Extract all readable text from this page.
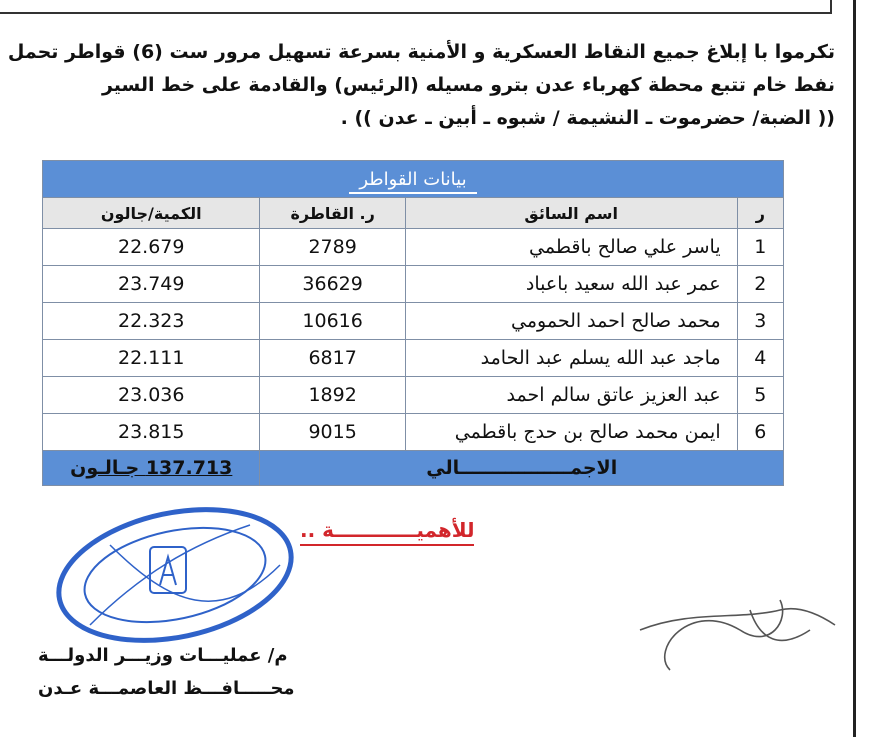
تكرموا با إبلاغ جميع النقاط العسكرية و الأمنية بسرعة تسهيل مرور ست (6) قواطر تحمل
نفط خام تتبع محطة كهرباء عدن بترو مسيله (الرئيس) والقادمة على خط السير
(( الضبة/ حضرموت ـ النشيمة / شبوه ـ أبين ـ عدن )) .
بيانات القواطر			
ر	اسم السائق	ر. القاطرة	الكمية/جالون
1	ياسر علي صالح باقطمي	2789	22.679
2	عمر عبد الله سعيد باعباد	36629	23.749
3	محمد صالح احمد الحمومي	10616	22.323
4	ماجد عبد الله يسلم عبد الحامد	6817	22.111
5	عبد العزيز عاتق سالم احمد	1892	23.036
6	ايمن محمد صالح بن حدج باقطمي	9015	23.815
الاجمـــــــــــــــــالي			137.713 جـالـون
للأهميــــــــــــة ..
م/ عمليـــات وزيـــر الدولـــة
محـــــافـــظ العاصمـــة عـدن
